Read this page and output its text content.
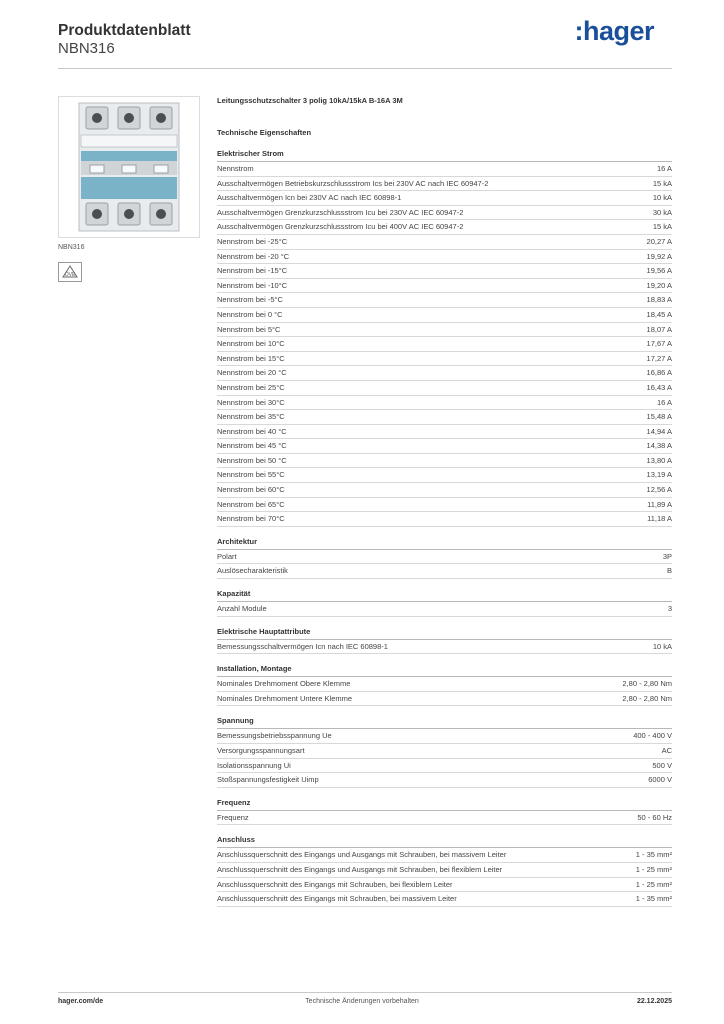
Produktdatenblatt
NBN316
:hager
NBN316
ÖVE
Leitungsschutzschalter 3 polig 10kA/15kA B-16A 3M
Technische Eigenschaften
Elektrischer Strom
Nennstrom	16 A
Ausschaltvermögen Betriebskurzschlussstrom Ics bei 230V AC nach IEC 60947-2	15 kA
Ausschaltvermögen Icn bei 230V AC nach IEC 60898-1	10 kA
Ausschaltvermögen Grenzkurzschlussstrom Icu bei 230V AC IEC 60947-2	30 kA
Ausschaltvermögen Grenzkurzschlussstrom Icu bei 400V AC IEC 60947-2	15 kA
Nennstrom bei -25°C	20,27 A
Nennstrom bei -20 °C	19,92 A
Nennstrom bei -15°C	19,56 A
Nennstrom bei -10°C	19,20 A
Nennstrom bei -5°C	18,83 A
Nennstrom bei 0 °C	18,45 A
Nennstrom bei 5°C	18,07 A
Nennstrom bei 10°C	17,67 A
Nennstrom bei 15°C	17,27 A
Nennstrom bei 20 °C	16,86 A
Nennstrom bei 25°C	16,43 A
Nennstrom bei 30°C	16 A
Nennstrom bei 35°C	15,48 A
Nennstrom bei 40 °C	14,94 A
Nennstrom bei 45 °C	14,38 A
Nennstrom bei 50 °C	13,80 A
Nennstrom bei 55°C	13,19 A
Nennstrom bei 60°C	12,56 A
Nennstrom bei 65°C	11,89 A
Nennstrom bei 70°C	11,18 A
Architektur
Polart	3P
Auslösecharakteristik	B
Kapazität
Anzahl Module	3
Elektrische Hauptattribute
Bemessungsschaltvermögen Icn nach IEC 60898-1	10 kA
Installation, Montage
Nominales Drehmoment Obere Klemme	2,80 - 2,80 Nm
Nominales Drehmoment Untere Klemme	2,80 - 2,80 Nm
Spannung
Bemessungsbetriebsspannung Ue	400 - 400 V
Versorgungsspannungsart	AC
Isolationsspannung Ui	500 V
Stoßspannungsfestigkeit Uimp	6000 V
Frequenz
Frequenz	50 - 60 Hz
Anschluss
Anschlussquerschnitt des Eingangs und Ausgangs mit Schrauben, bei massivem Leiter	1 - 35 mm²
Anschlussquerschnitt des Eingangs und Ausgangs mit Schrauben, bei flexiblem Leiter	1 - 25 mm²
Anschlussquerschnitt des Eingangs mit Schrauben, bei flexiblem Leiter	1 - 25 mm²
Anschlussquerschnitt des Eingangs mit Schrauben, bei massivem Leiter	1 - 35 mm²
hager.com/de	Technische Änderungen vorbehalten	22.12.2025
